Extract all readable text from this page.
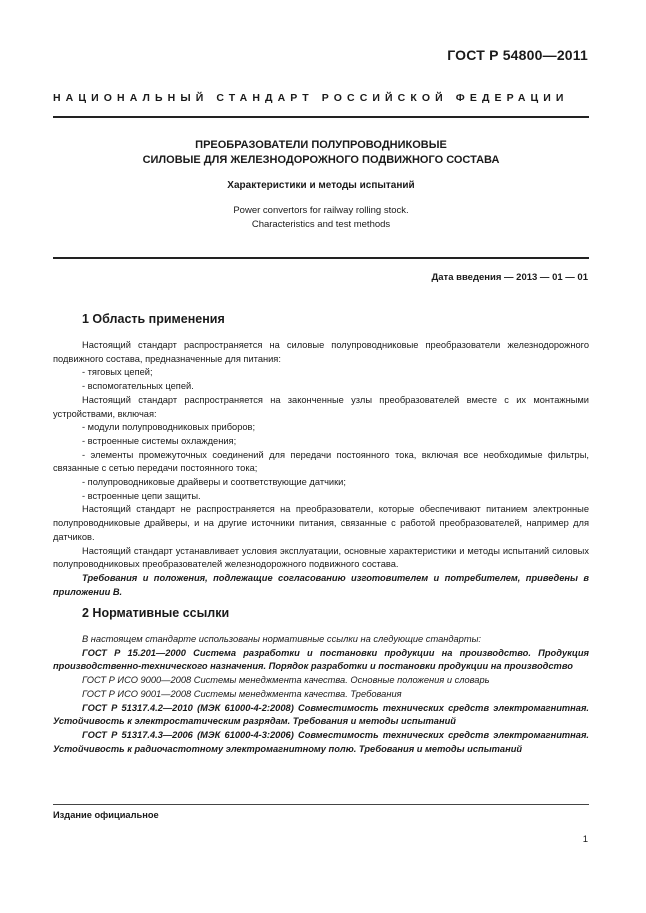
ГОСТ Р 54800—2011
НАЦИОНАЛЬНЫЙ СТАНДАРТ РОССИЙСКОЙ ФЕДЕРАЦИИ
ПРЕОБРАЗОВАТЕЛИ ПОЛУПРОВОДНИКОВЫЕ
СИЛОВЫЕ ДЛЯ ЖЕЛЕЗНОДОРОЖНОГО ПОДВИЖНОГО СОСТАВА
Характеристики и методы испытаний
Power convertors for railway rolling stock.
Characteristics and test methods
Дата введения — 2013 — 01 — 01
1 Область применения

Настоящий стандарт распространяется на силовые полупроводниковые преобразователи железнодорожного подвижного состава, предназначенные для питания:

- тяговых цепей;

- вспомогательных цепей.

Настоящий стандарт распространяется на законченные узлы преобразователей вместе с их монтажными устройствами, включая:

- модули полупроводниковых приборов;

- встроенные системы охлаждения;

- элементы промежуточных соединений для передачи постоянного тока, включая все необходимые фильтры, связанные с сетью передачи постоянного тока;

- полупроводниковые драйверы и соответствующие датчики;

- встроенные цепи защиты.

Настоящий стандарт не распространяется на преобразователи, которые обеспечивают питанием электронные полупроводниковые драйверы, и на другие источники питания, связанные с работой преобразователей, например для датчиков.

Настоящий стандарт устанавливает условия эксплуатации, основные характеристики и методы испытаний силовых полупроводниковых преобразователей железнодорожного подвижного состава.

Требования и положения, подлежащие согласованию изготовителем и потребителем, приведены в приложении В.

2 Нормативные ссылки

В настоящем стандарте использованы нормативные ссылки на следующие стандарты:

ГОСТ Р 15.201—2000 Система разработки и постановки продукции на производство. Продукция производственно-технического назначения. Порядок разработки и постановки продукции на производство

ГОСТ Р ИСО 9000—2008 Системы менеджмента качества. Основные положения и словарь

ГОСТ Р ИСО 9001—2008 Системы менеджмента качества. Требования

ГОСТ Р 51317.4.2—2010 (МЭК 61000-4-2:2008) Совместимость технических средств электромагнитная. Устойчивость к электростатическим разрядам. Требования и методы испытаний

ГОСТ Р 51317.4.3—2006 (МЭК 61000-4-3:2006) Совместимость технических средств электромагнитная. Устойчивость к радиочастотному электромагнитному полю. Требования и методы испытаний

Издание официальное
1
